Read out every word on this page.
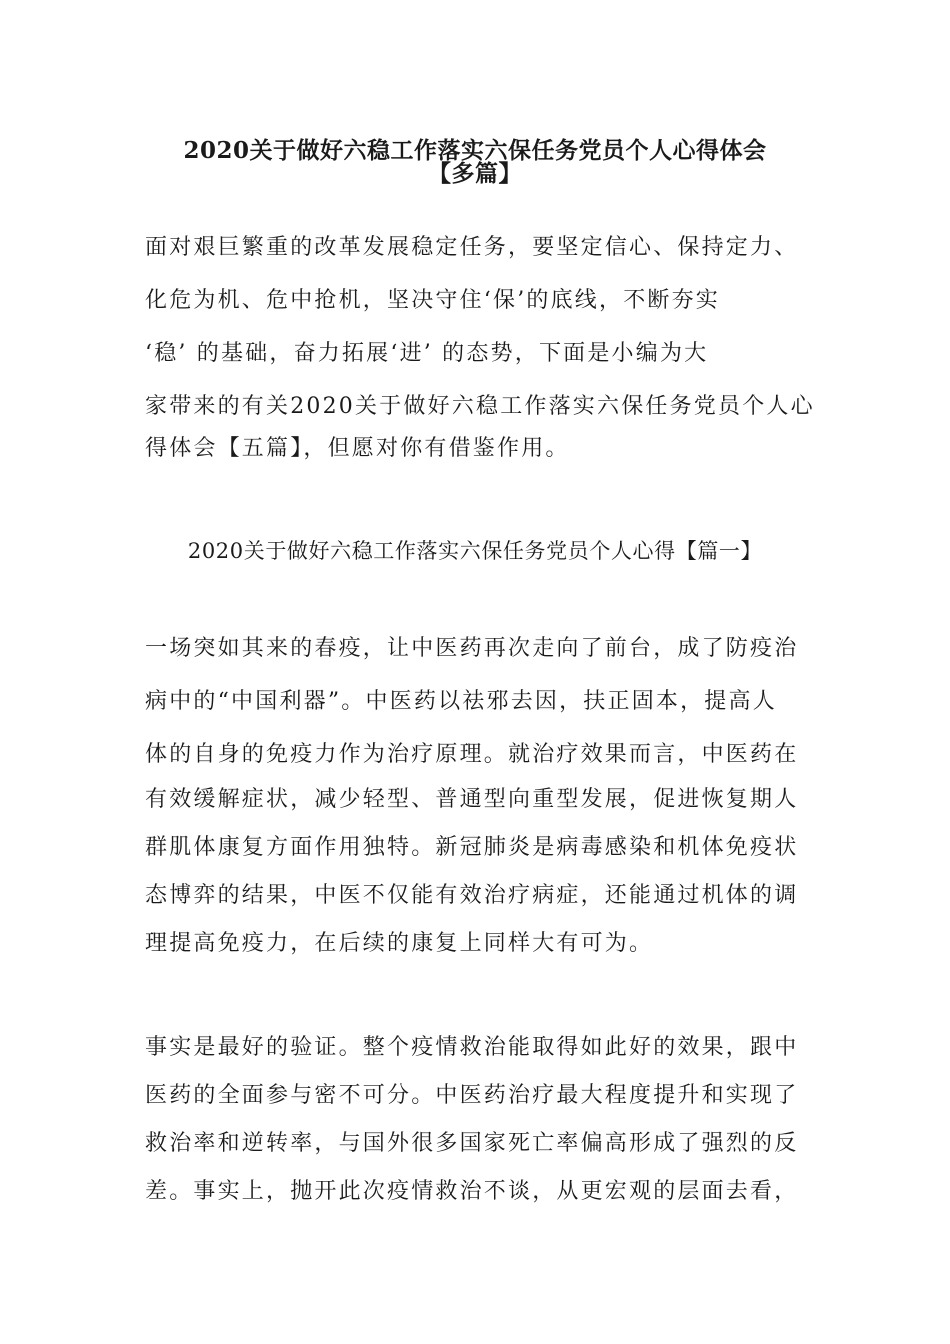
2020关于做好六稳工作落实六保任务党员个人心得体会
【多篇】
面对艰巨繁重的改革发展稳定任务，要坚定信心、保持定力、
化危为机、危中抢机，坚决守住‘保’的底线，不断夯实
‘稳’ 的基础，奋力拓展‘进’ 的态势，下面是小编为大
家带来的有关2020关于做好六稳工作落实六保任务党员个人心
得体会【五篇】，但愿对你有借鉴作用。
2020关于做好六稳工作落实六保任务党员个人心得【篇一】
一场突如其来的春疫，让中医药再次走向了前台，成了防疫治
病中的“中国利器”。中医药以祛邪去因，扶正固本，提高人
体的自身的免疫力作为治疗原理。就治疗效果而言，中医药在
有效缓解症状，减少轻型、普通型向重型发展，促进恢复期人
群肌体康复方面作用独特。新冠肺炎是病毒感染和机体免疫状
态博弈的结果，中医不仅能有效治疗病症，还能通过机体的调
理提高免疫力，在后续的康复上同样大有可为。
事实是最好的验证。整个疫情救治能取得如此好的效果，跟中
医药的全面参与密不可分。中医药治疗最大程度提升和实现了
救治率和逆转率，与国外很多国家死亡率偏高形成了强烈的反
差。事实上，抛开此次疫情救治不谈，从更宏观的层面去看，
